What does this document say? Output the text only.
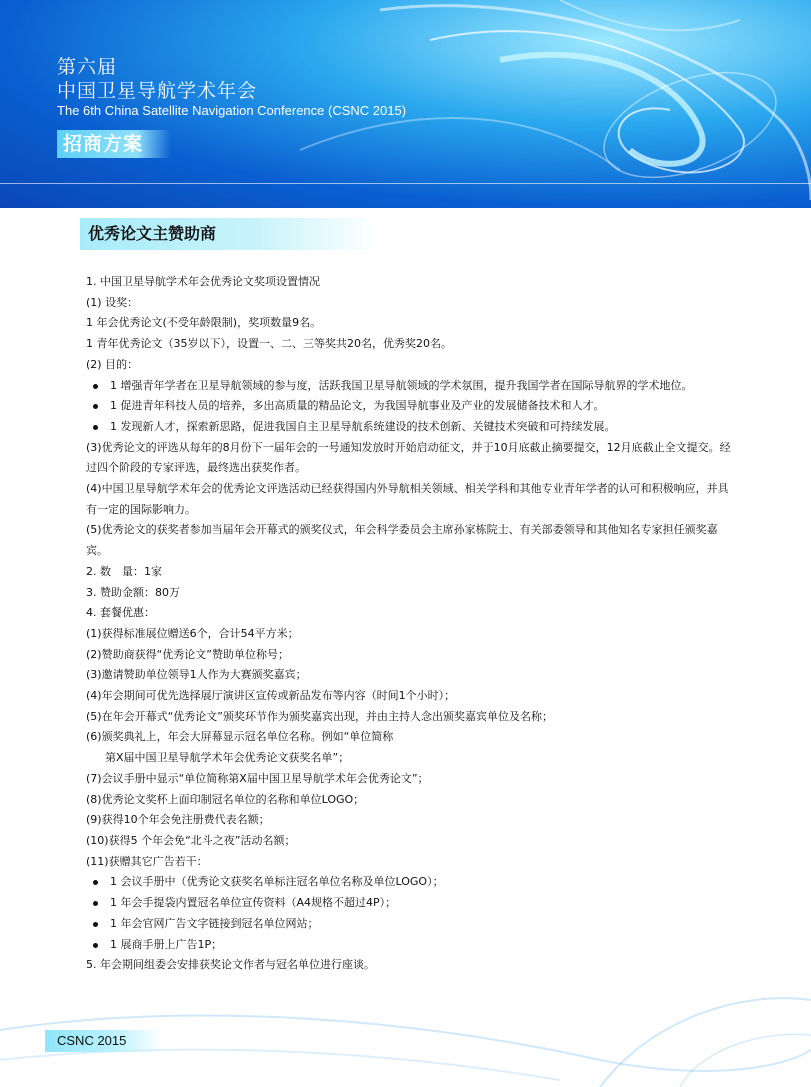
第六届
中国卫星导航学术年会
The 6th China Satellite Navigation Conference (CSNC 2015)
招商方案
优秀论文主赞助商

1. 中国卫星导航学术年会优秀论文奖项设置情况

(1) 设奖：

1 年会优秀论文(不受年龄限制)，奖项数量9名。

1 青年优秀论文（35岁以下），设置一、二、三等奖共20名，优秀奖20名。

(2) 目的：

1 增强青年学者在卫星导航领域的参与度，活跃我国卫星导航领域的学术氛围，提升我国学者在国际导航界的学术地位。

1 促进青年科技人员的培养，多出高质量的精品论文，为我国导航事业及产业的发展储备技术和人才。

1 发现新人才，探索新思路，促进我国自主卫星导航系统建设的技术创新、关键技术突破和可持续发展。

(3)优秀论文的评选从每年的8月份下一届年会的一号通知发放时开始启动征文，并于10月底截止摘要提交，12月底截止全文提交。经过四个阶段的专家评选，最终选出获奖作者。

(4)中国卫星导航学术年会的优秀论文评选活动已经获得国内外导航相关领域、相关学科和其他专业青年学者的认可和积极响应，并具有一定的国际影响力。

(5)优秀论文的获奖者参加当届年会开幕式的颁奖仪式，年会科学委员会主席孙家栋院士、有关部委领导和其他知名专家担任颁奖嘉宾。

2. 数　量：1家

3. 赞助金额：80万

4. 套餐优惠：

(1)获得标准展位赠送6个，合计54平方米；

(2)赞助商获得“优秀论文”赞助单位称号；

(3)邀请赞助单位领导1人作为大赛颁奖嘉宾；

(4)年会期间可优先选择展厅演讲区宣传或新品发布等内容（时间1个小时）；

(5)在年会开幕式“优秀论文”颁奖环节作为颁奖嘉宾出现，并由主持人念出颁奖嘉宾单位及名称；

(6)颁奖典礼上，年会大屏幕显示冠名单位名称。例如“单位简称

第X届中国卫星导航学术年会优秀论文获奖名单”；

(7)会议手册中显示“单位简称第X届中国卫星导航学术年会优秀论文”；

(8)优秀论文奖杯上面印制冠名单位的名称和单位LOGO；

(9)获得10个年会免注册费代表名额；

(10)获得5 个年会免“北斗之夜”活动名额；

(11)获赠其它广告若干：

1 会议手册中（优秀论文获奖名单标注冠名单位名称及单位LOGO）；

1 年会手提袋内置冠名单位宣传资料（A4规格不超过4P）；

1 年会官网广告文字链接到冠名单位网站；

1 展商手册上广告1P；

5. 年会期间组委会安排获奖论文作者与冠名单位进行座谈。

CSNC 2015
